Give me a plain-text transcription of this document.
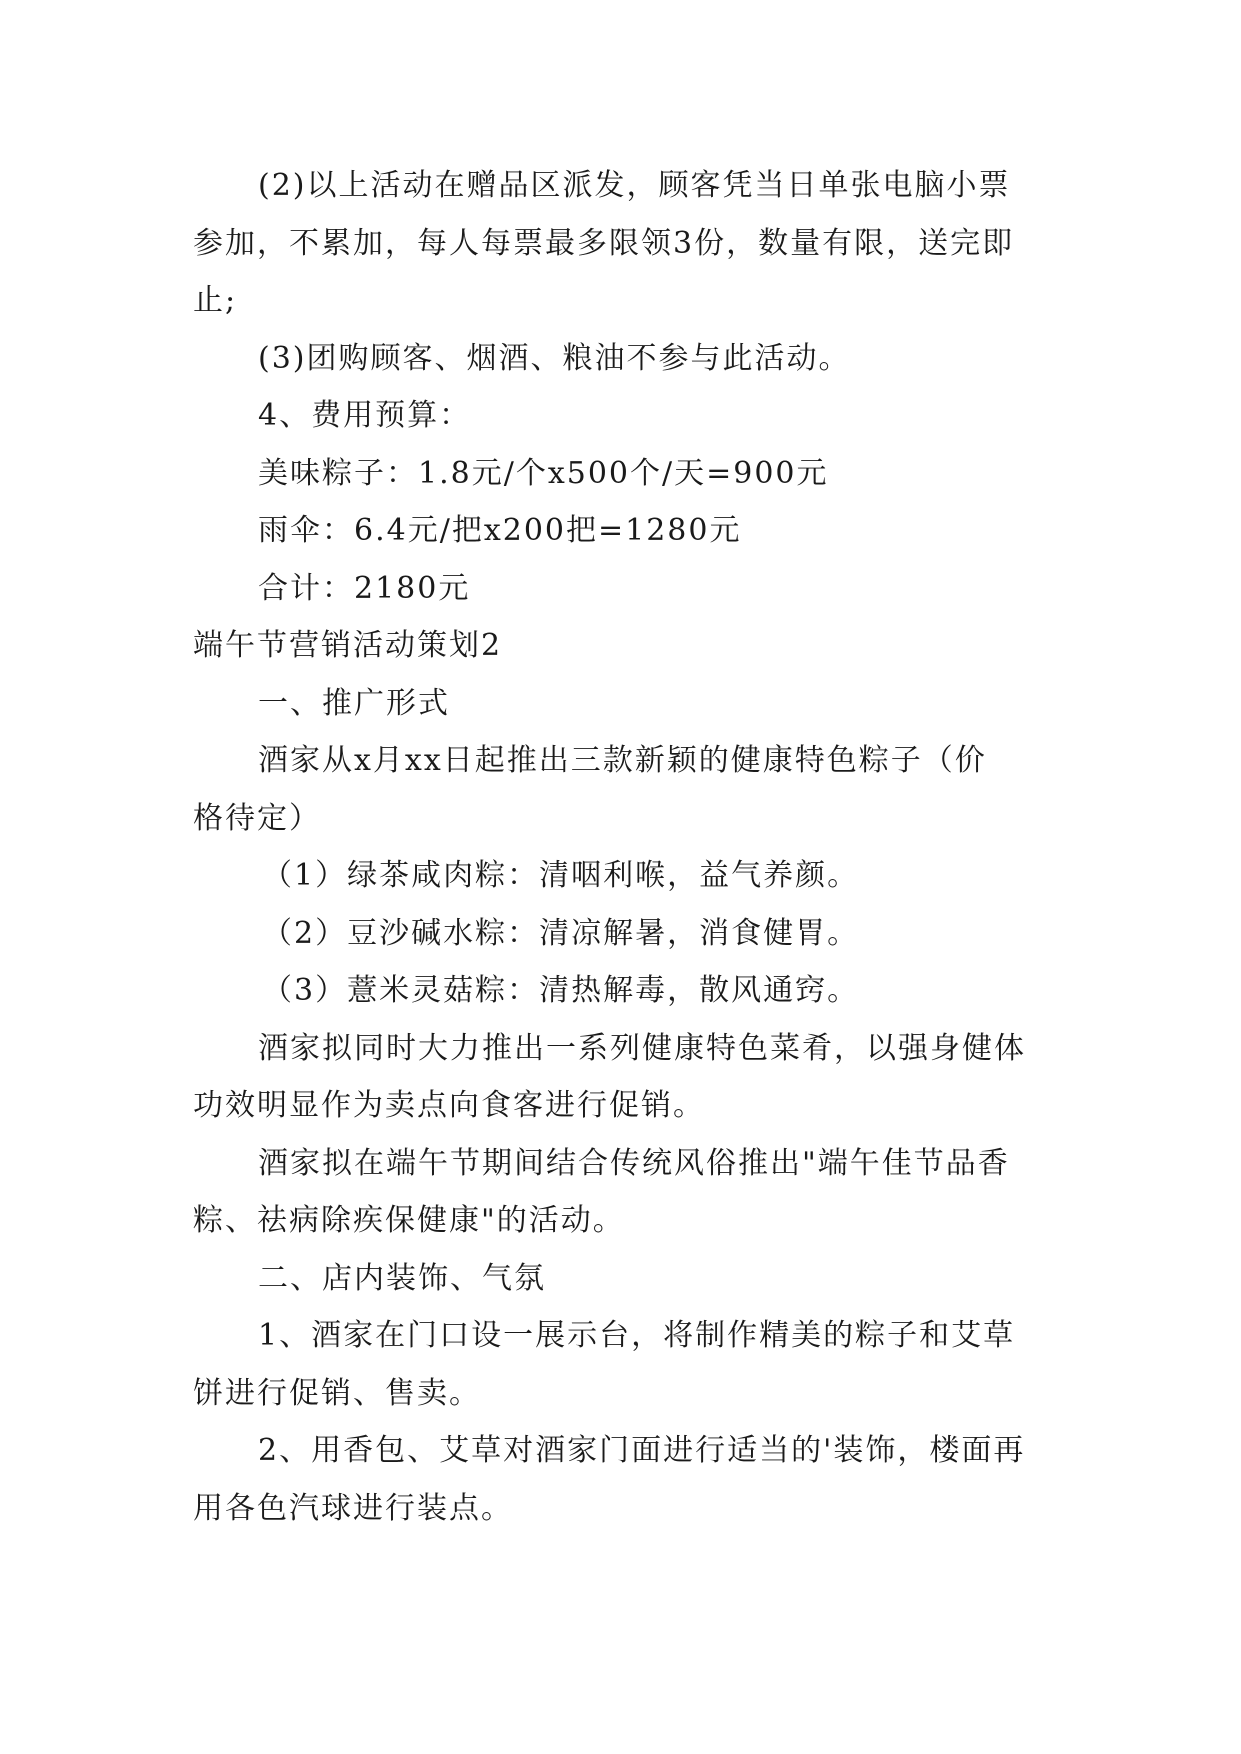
(2)以上活动在赠品区派发，顾客凭当日单张电脑小票
参加，不累加，每人每票最多限领3份，数量有限，送完即
止;
(3)团购顾客、烟酒、粮油不参与此活动。
4、费用预算：
美味粽子：1.8元/个x500个/天=900元
雨伞：6.4元/把x200把=1280元
合计：2180元
端午节营销活动策划2
一、推广形式
酒家从x月xx日起推出三款新颖的健康特色粽子（价
格待定）
（1）绿茶咸肉粽：清咽利喉，益气养颜。
（2）豆沙碱水粽：清凉解暑，消食健胃。
（3）薏米灵菇粽：清热解毒，散风通窍。
酒家拟同时大力推出一系列健康特色菜肴，以强身健体
功效明显作为卖点向食客进行促销。
酒家拟在端午节期间结合传统风俗推出"端午佳节品香
粽、祛病除疾保健康"的活动。
二、店内装饰、气氛
1、酒家在门口设一展示台，将制作精美的粽子和艾草
饼进行促销、售卖。
2、用香包、艾草对酒家门面进行适当的'装饰，楼面再
用各色汽球进行装点。
